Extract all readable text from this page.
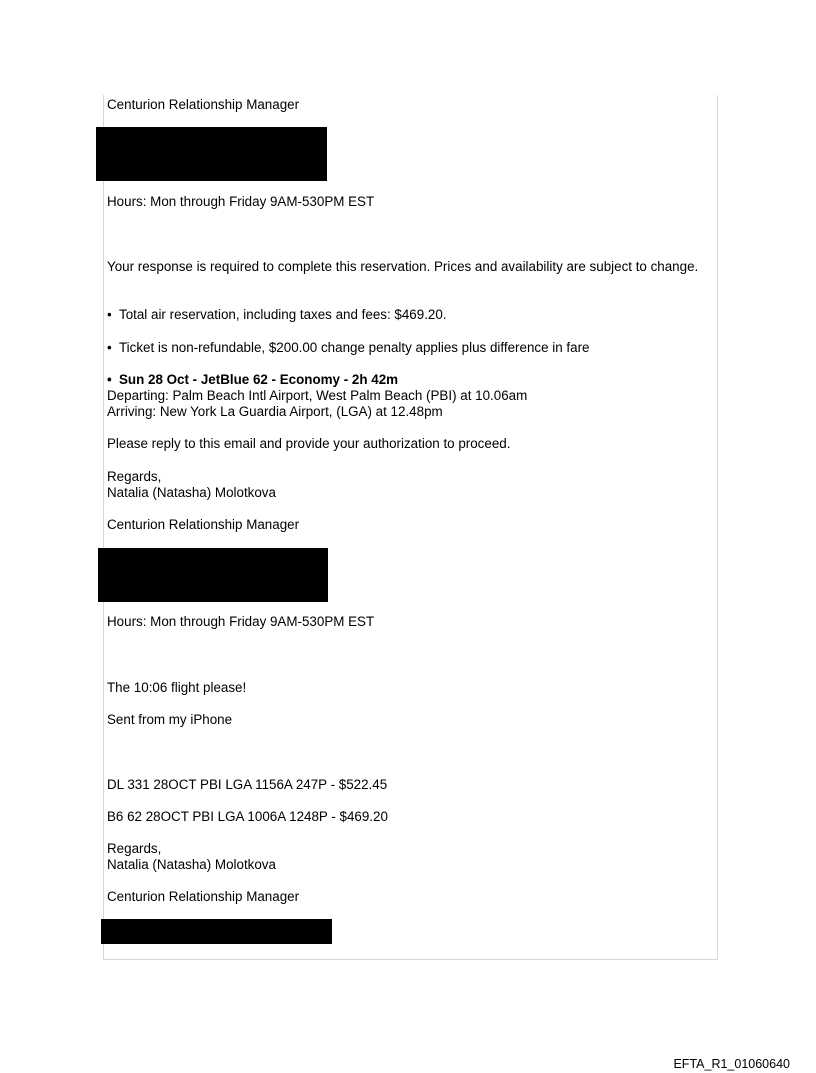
Centurion Relationship Manager
Hours: Mon through Friday 9AM-530PM EST
Your response is required to complete this reservation. Prices and availability are subject to change.
• Total air reservation, including taxes and fees: $469.20.
• Ticket is non-refundable, $200.00 change penalty applies plus difference in fare
• Sun 28 Oct - JetBlue 62 - Economy - 2h 42m
Departing: Palm Beach Intl Airport, West Palm Beach (PBI) at 10.06am
Arriving: New York La Guardia Airport, (LGA) at 12.48pm
Please reply to this email and provide your authorization to proceed.
Regards,
Natalia (Natasha) Molotkova
Centurion Relationship Manager
Hours: Mon through Friday 9AM-530PM EST
The 10:06 flight please!
Sent from my iPhone
DL 331 28OCT PBI LGA 1156A 247P - $522.45
B6 62 28OCT PBI LGA 1006A 1248P - $469.20
Regards,
Natalia (Natasha) Molotkova
Centurion Relationship Manager
EFTA_R1_01060640
